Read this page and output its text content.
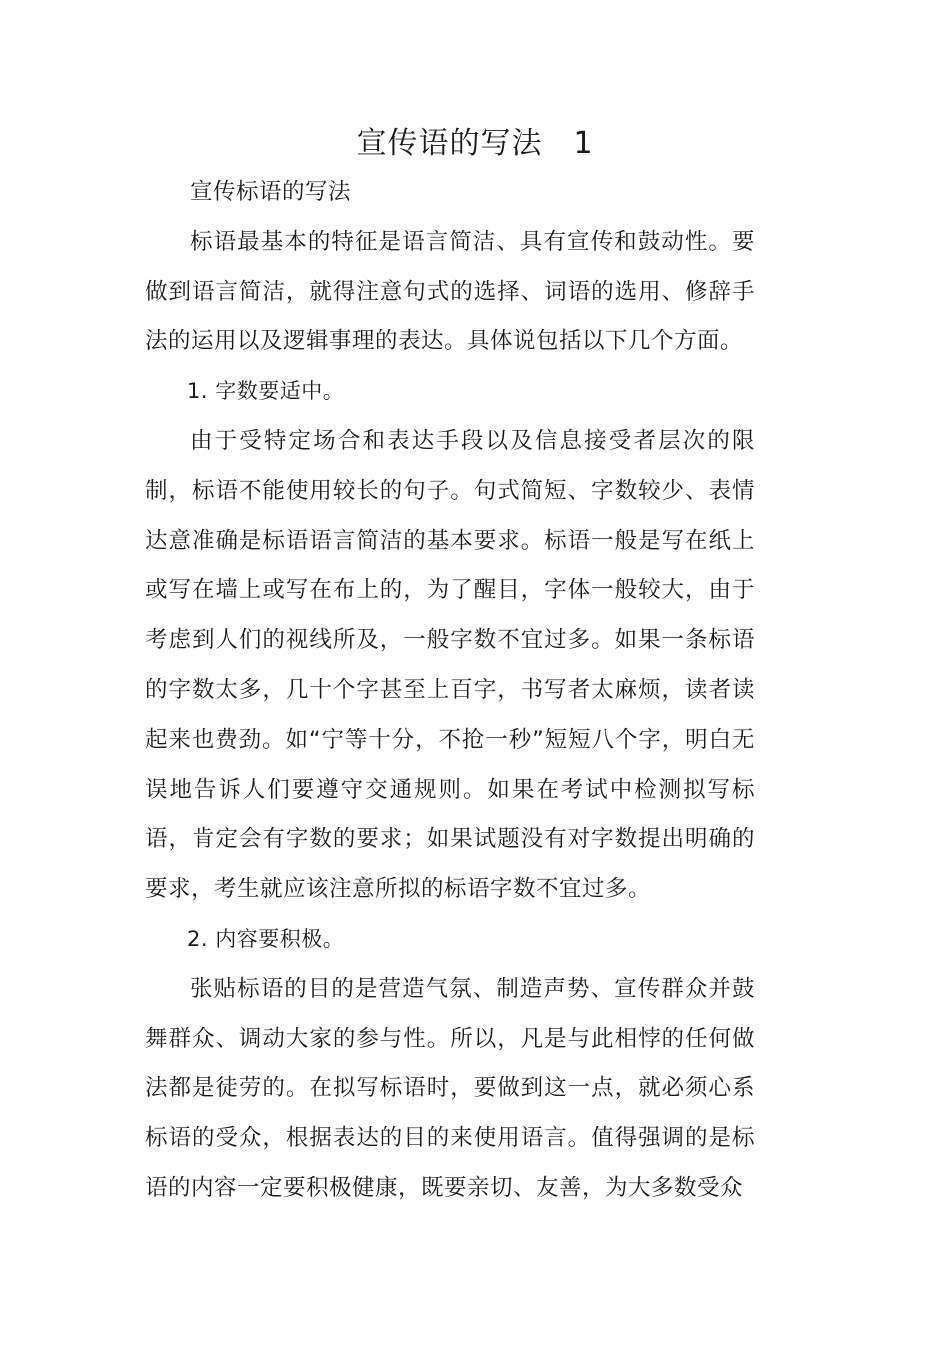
宣传语的写法　1

宣传标语的写法

标语最基本的特征是语言简洁、具有宣传和鼓动性。要做到语言简洁，就得注意句式的选择、词语的选用、修辞手法的运用以及逻辑事理的表达。具体说包括以下几个方面。

1. 字数要适中。

由于受特定场合和表达手段以及信息接受者层次的限制，标语不能使用较长的句子。句式简短、字数较少、表情达意准确是标语语言简洁的基本要求。标语一般是写在纸上或写在墙上或写在布上的，为了醒目，字体一般较大，由于考虑到人们的视线所及，一般字数不宜过多。如果一条标语的字数太多，几十个字甚至上百字，书写者太麻烦，读者读起来也费劲。如“宁等十分，不抢一秒”短短八个字，明白无误地告诉人们要遵守交通规则。如果在考试中检测拟写标语，肯定会有字数的要求；如果试题没有对字数提出明确的要求，考生就应该注意所拟的标语字数不宜过多。

2. 内容要积极。

张贴标语的目的是营造气氛、制造声势、宣传群众并鼓舞群众、调动大家的参与性。所以，凡是与此相悖的任何做法都是徒劳的。在拟写标语时，要做到这一点，就必须心系标语的受众，根据表达的目的来使用语言。值得强调的是标语的内容一定要积极健康，既要亲切、友善，为大多数受众
